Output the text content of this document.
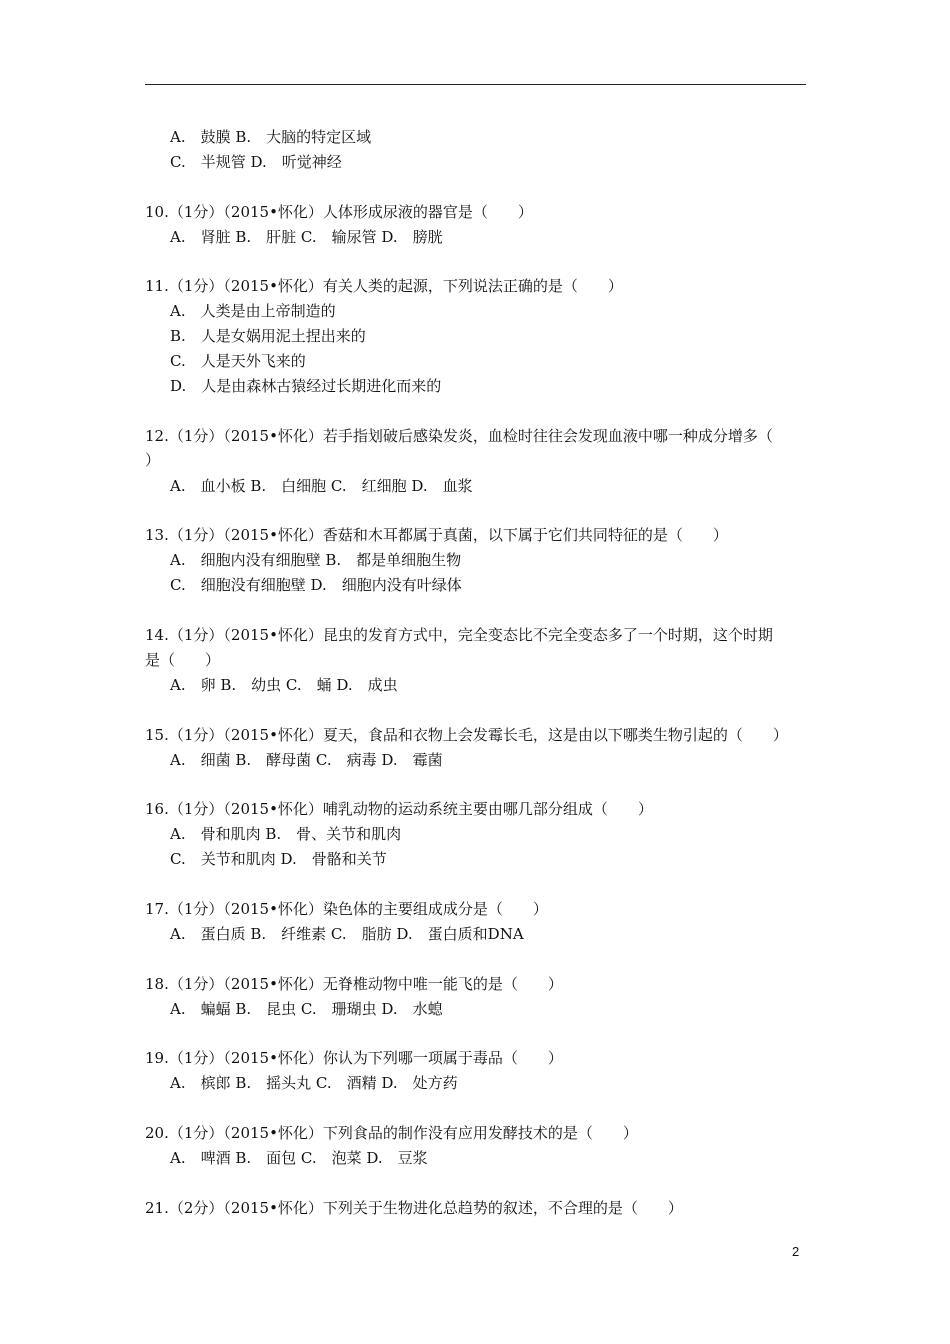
A.　鼓膜 B.　大脑的特定区域
C.　半规管 D.　听觉神经
10.（1分）（2015•怀化）人体形成尿液的器官是（　　）
A.　肾脏 B.　肝脏 C.　输尿管 D.　膀胱
11.（1分）（2015•怀化）有关人类的起源，下列说法正确的是（　　）
A.　人类是由上帝制造的
B.　人是女娲用泥土捏出来的
C.　人是天外飞来的
D.　人是由森林古猿经过长期进化而来的
12.（1分）（2015•怀化）若手指划破后感染发炎，血检时往往会发现血液中哪一种成分增多（
）
A.　血小板 B.　白细胞 C.　红细胞 D.　血浆
13.（1分）（2015•怀化）香菇和木耳都属于真菌，以下属于它们共同特征的是（　　）
A.　细胞内没有细胞壁 B.　都是单细胞生物
C.　细胞没有细胞壁 D.　细胞内没有叶绿体
14.（1分）（2015•怀化）昆虫的发育方式中，完全变态比不完全变态多了一个时期，这个时期
是（　　）
A.　卵 B.　幼虫 C.　蛹 D.　成虫
15.（1分）（2015•怀化）夏天，食品和衣物上会发霉长毛，这是由以下哪类生物引起的（　　）
A.　细菌 B.　酵母菌 C.　病毒 D.　霉菌
16.（1分）（2015•怀化）哺乳动物的运动系统主要由哪几部分组成（　　）
A.　骨和肌肉 B.　骨、关节和肌肉
C.　关节和肌肉 D.　骨骼和关节
17.（1分）（2015•怀化）染色体的主要组成成分是（　　）
A.　蛋白质 B.　纤维素 C.　脂肪 D.　蛋白质和DNA
18.（1分）（2015•怀化）无脊椎动物中唯一能飞的是（　　）
A.　蝙蝠 B.　昆虫 C.　珊瑚虫 D.　水螅
19.（1分）（2015•怀化）你认为下列哪一项属于毒品（　　）
A.　槟郎 B.　摇头丸 C.　酒精 D.　处方药
20.（1分）（2015•怀化）下列食品的制作没有应用发酵技术的是（　　）
A.　啤酒 B.　面包 C.　泡菜 D.　豆浆
21.（2分）（2015•怀化）下列关于生物进化总趋势的叙述，不合理的是（　　）
2
